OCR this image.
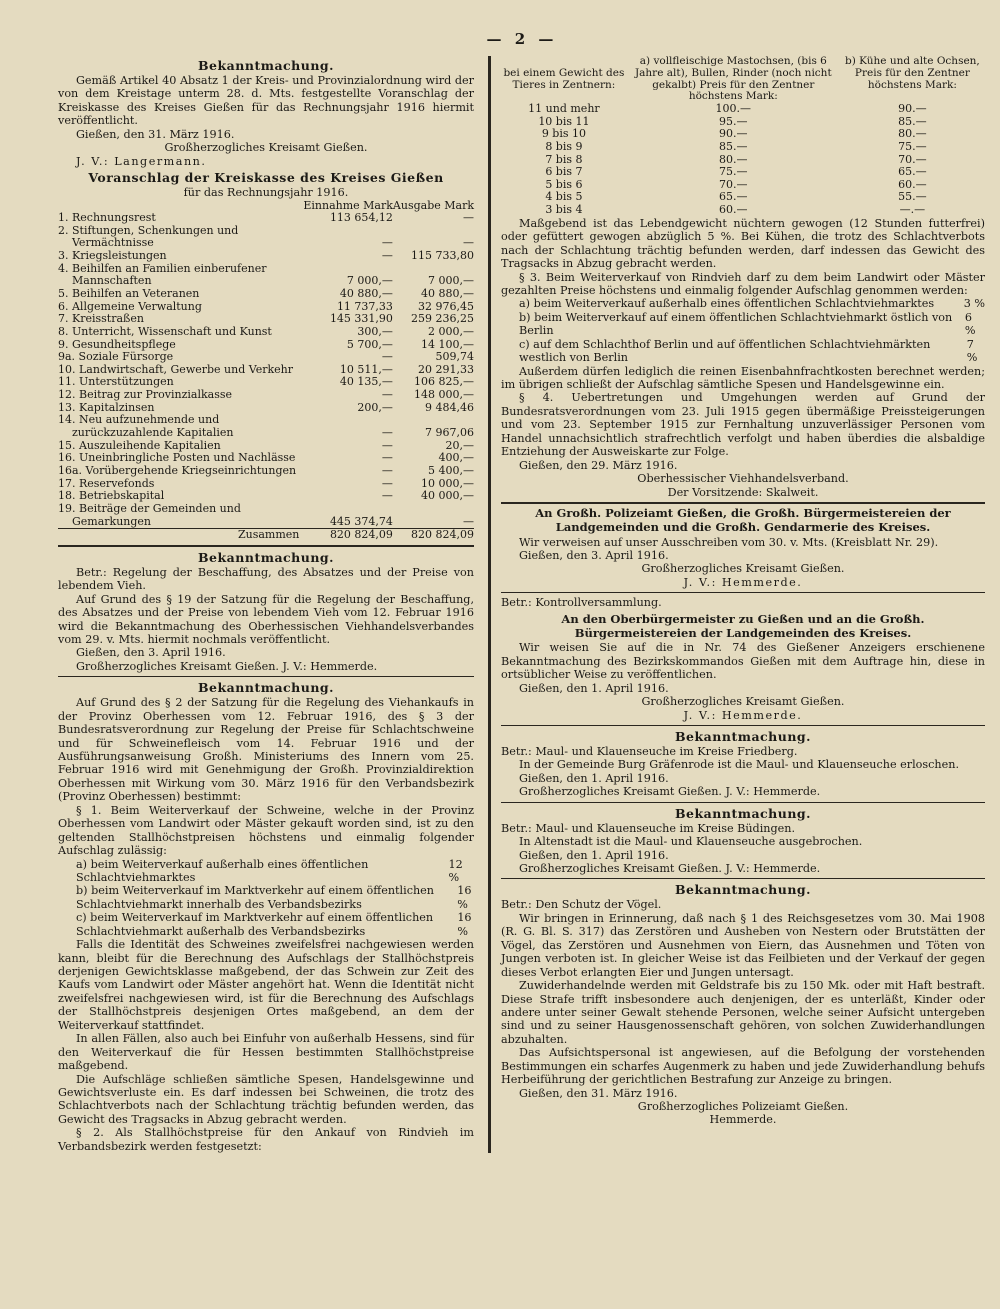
— 2 —
Bekanntmachung.

Gemäß Artikel 40 Absatz 1 der Kreis- und Provinzialordnung wird der von dem Kreistage unterm 28. d. Mts. festgestellte Voranschlag der Kreiskasse des Kreises Gießen für das Rechnungsjahr 1916 hiermit veröffentlicht.

Gießen, den 31. März 1916.

Großherzogliches Kreisamt Gießen.

J. V.: Langermann.

Voranschlag der Kreiskasse des Kreises Gießen

für das Rechnungsjahr 1916.

	Einnahme Mark	Ausgabe Mark
1. Rechnungsrest	113 654,12	—
2. Stiftungen, Schenkungen und Vermächtnisse	—	—
3. Kriegsleistungen	—	115 733,80
4. Beihilfen an Familien einberufener Mannschaften	7 000,—	7 000,—
5. Beihilfen an Veteranen	40 880,—	40 880,—
6. Allgemeine Verwaltung	11 737,33	32 976,45
7. Kreisstraßen	145 331,90	259 236,25
8. Unterricht, Wissenschaft und Kunst	300,—	2 000,—
9. Gesundheitspflege	5 700,—	14 100,—
9a. Soziale Fürsorge	—	509,74
10. Landwirtschaft, Gewerbe und Verkehr	10 511,—	20 291,33
11. Unterstützungen	40 135,—	106 825,—
12. Beitrag zur Provinzialkasse	—	148 000,—
13. Kapitalzinsen	200,—	9 484,46
14. Neu aufzunehmende und zurückzuzahlende Kapitalien	—	7 967,06
15. Auszuleihende Kapitalien	—	20,—
16. Uneinbringliche Posten und Nachlässe	—	400,—
16a. Vorübergehende Kriegseinrichtungen	—	5 400,—
17. Reservefonds	—	10 000,—
18. Betriebskapital	—	40 000,—
19. Beiträge der Gemeinden und Gemarkungen	445 374,74	—
Zusammen	820 824,09	820 824,09
Bekanntmachung.

Betr.: Regelung der Beschaffung, des Absatzes und der Preise von lebendem Vieh.

Auf Grund des § 19 der Satzung für die Regelung der Beschaffung, des Absatzes und der Preise von lebendem Vieh vom 12. Februar 1916 wird die Bekanntmachung des Oberhessischen Viehhandelsverbandes vom 29. v. Mts. hiermit nochmals veröffentlicht.

Gießen, den 3. April 1916.

Großherzogliches Kreisamt Gießen. J. V.: Hemmerde.

Bekanntmachung.

Auf Grund des § 2 der Satzung für die Regelung des Viehankaufs in der Provinz Oberhessen vom 12. Februar 1916, des § 3 der Bundesratsverordnung zur Regelung der Preise für Schlachtschweine und für Schweinefleisch vom 14. Februar 1916 und der Ausführungsanweisung Großh. Ministeriums des Innern vom 25. Februar 1916 wird mit Genehmigung der Großh. Provinzialdirektion Oberhessen mit Wirkung vom 30. März 1916 für den Verbandsbezirk (Provinz Oberhessen) bestimmt:

§ 1. Beim Weiterverkauf der Schweine, welche in der Provinz Oberhessen vom Landwirt oder Mäster gekauft worden sind, ist zu den geltenden Stallhöchstpreisen höchstens und einmalig folgender Aufschlag zulässig:

a) beim Weiterverkauf außerhalb eines öffentlichen Schlachtviehmarktes
12 %
b) beim Weiterverkauf im Marktverkehr auf einem öffentlichen Schlachtviehmarkt innerhalb des Verbandsbezirks
16 %
c) beim Weiterverkauf im Marktverkehr auf einem öffentlichen Schlachtviehmarkt außerhalb des Verbandsbezirks
16 %

Falls die Identität des Schweines zweifelsfrei nachgewiesen werden kann, bleibt für die Berechnung des Aufschlags der Stallhöchstpreis derjenigen Gewichtsklasse maßgebend, der das Schwein zur Zeit des Kaufs vom Landwirt oder Mäster angehört hat. Wenn die Identität nicht zweifelsfrei nachgewiesen wird, ist für die Berechnung des Aufschlags der Stallhöchstpreis desjenigen Ortes maßgebend, an dem der Weiterverkauf stattfindet.

In allen Fällen, also auch bei Einfuhr von außerhalb Hessens, sind für den Weiterverkauf die für Hessen bestimmten Stallhöchstpreise maßgebend.

Die Aufschläge schließen sämtliche Spesen, Handelsgewinne und Gewichtsverluste ein. Es darf indessen bei Schweinen, die trotz des Schlachtverbots nach der Schlachtung trächtig befunden werden, das Gewicht des Tragsacks in Abzug gebracht werden.

§ 2. Als Stallhöchstpreise für den Ankauf von Rindvieh im Verbandsbezirk werden festgesetzt:

bei einem Gewicht des Tieres in Zentnern:	a) vollfleischige Mastochsen, (bis 6 Jahre alt), Bullen, Rinder (noch nicht gekalbt) Preis für den Zentner höchstens Mark:	b) Kühe und alte Ochsen, Preis für den Zentner höchstens Mark:
11 und mehr	100.—	90.—
10 bis 11	95.—	85.—
9 bis 10	90.—	80.—
8 bis 9	85.—	75.—
7 bis 8	80.—	70.—
6 bis 7	75.—	65.—
5 bis 6	70.—	60.—
4 bis 5	65.—	55.—
3 bis 4	60.—	—.—

Maßgebend ist das Lebendgewicht nüchtern gewogen (12 Stunden futterfrei) oder gefüttert gewogen abzüglich 5 %. Bei Kühen, die trotz des Schlachtverbots nach der Schlachtung trächtig befunden werden, darf indessen das Gewicht des Tragsacks in Abzug gebracht werden.

§ 3. Beim Weiterverkauf von Rindvieh darf zu dem beim Landwirt oder Mäster gezahlten Preise höchstens und einmalig folgender Aufschlag genommen werden:

a) beim Weiterverkauf außerhalb eines öffentlichen Schlachtviehmarktes	3 %
b) beim Weiterverkauf auf einem öffentlichen Schlachtviehmarkt östlich von Berlin
6 %
c) auf dem Schlachthof Berlin und auf öffentlichen Schlachtviehmärkten westlich von Berlin
7 %

Außerdem dürfen lediglich die reinen Eisenbahnfrachtkosten berechnet werden; im übrigen schließt der Aufschlag sämtliche Spesen und Handelsgewinne ein.

§ 4. Uebertretungen und Umgehungen werden auf Grund der Bundesratsverordnungen vom 23. Juli 1915 gegen übermäßige Preissteigerungen und vom 23. September 1915 zur Fernhaltung unzuverlässiger Personen vom Handel unnachsichtlich strafrechtlich verfolgt und haben überdies die alsbaldige Entziehung der Ausweiskarte zur Folge.

Gießen, den 29. März 1916.

Oberhessischer Viehhandelsverband.

Der Vorsitzende: Skalweit.

An Großh. Polizeiamt Gießen, die Großh. Bürgermeistereien der Landgemeinden und die Großh. Gendarmerie des Kreises.

Wir verweisen auf unser Ausschreiben vom 30. v. Mts. (Kreisblatt Nr. 29).

Gießen, den 3. April 1916.

Großherzogliches Kreisamt Gießen.

J. V.: Hemmerde.

Betr.: Kontrollversammlung.

An den Oberbürgermeister zu Gießen und an die Großh. Bürgermeistereien der Landgemeinden des Kreises.

Wir weisen Sie auf die in Nr. 74 des Gießener Anzeigers erschienene Bekanntmachung des Bezirkskommandos Gießen mit dem Auftrage hin, diese in ortsüblicher Weise zu veröffentlichen.

Gießen, den 1. April 1916.

Großherzogliches Kreisamt Gießen.

J. V.: Hemmerde.

Bekanntmachung.

Betr.: Maul- und Klauenseuche im Kreise Friedberg.

In der Gemeinde Burg Gräfenrode ist die Maul- und Klauenseuche erloschen.

Gießen, den 1. April 1916.

Großherzogliches Kreisamt Gießen. J. V.: Hemmerde.

Bekanntmachung.

Betr.: Maul- und Klauenseuche im Kreise Büdingen.

In Altenstadt ist die Maul- und Klauenseuche ausgebrochen.

Gießen, den 1. April 1916.

Großherzogliches Kreisamt Gießen. J. V.: Hemmerde.

Bekanntmachung.

Betr.: Den Schutz der Vögel.

Wir bringen in Erinnerung, daß nach § 1 des Reichsgesetzes vom 30. Mai 1908 (R. G. Bl. S. 317) das Zerstören und Ausheben von Nestern oder Brutstätten der Vögel, das Zerstören und Ausnehmen von Eiern, das Ausnehmen und Töten von Jungen verboten ist. In gleicher Weise ist das Feilbieten und der Verkauf der gegen dieses Verbot erlangten Eier und Jungen untersagt.

Zuwiderhandelnde werden mit Geldstrafe bis zu 150 Mk. oder mit Haft bestraft. Diese Strafe trifft insbesondere auch denjenigen, der es unterläßt, Kinder oder andere unter seiner Gewalt stehende Personen, welche seiner Aufsicht untergeben sind und zu seiner Hausgenossenschaft gehören, von solchen Zuwiderhandlungen abzuhalten.

Das Aufsichtspersonal ist angewiesen, auf die Befolgung der vorstehenden Bestimmungen ein scharfes Augenmerk zu haben und jede Zuwiderhandlung behufs Herbeiführung der gerichtlichen Bestrafung zur Anzeige zu bringen.

Gießen, den 31. März 1916.

Großherzogliches Polizeiamt Gießen.

Hemmerde.
